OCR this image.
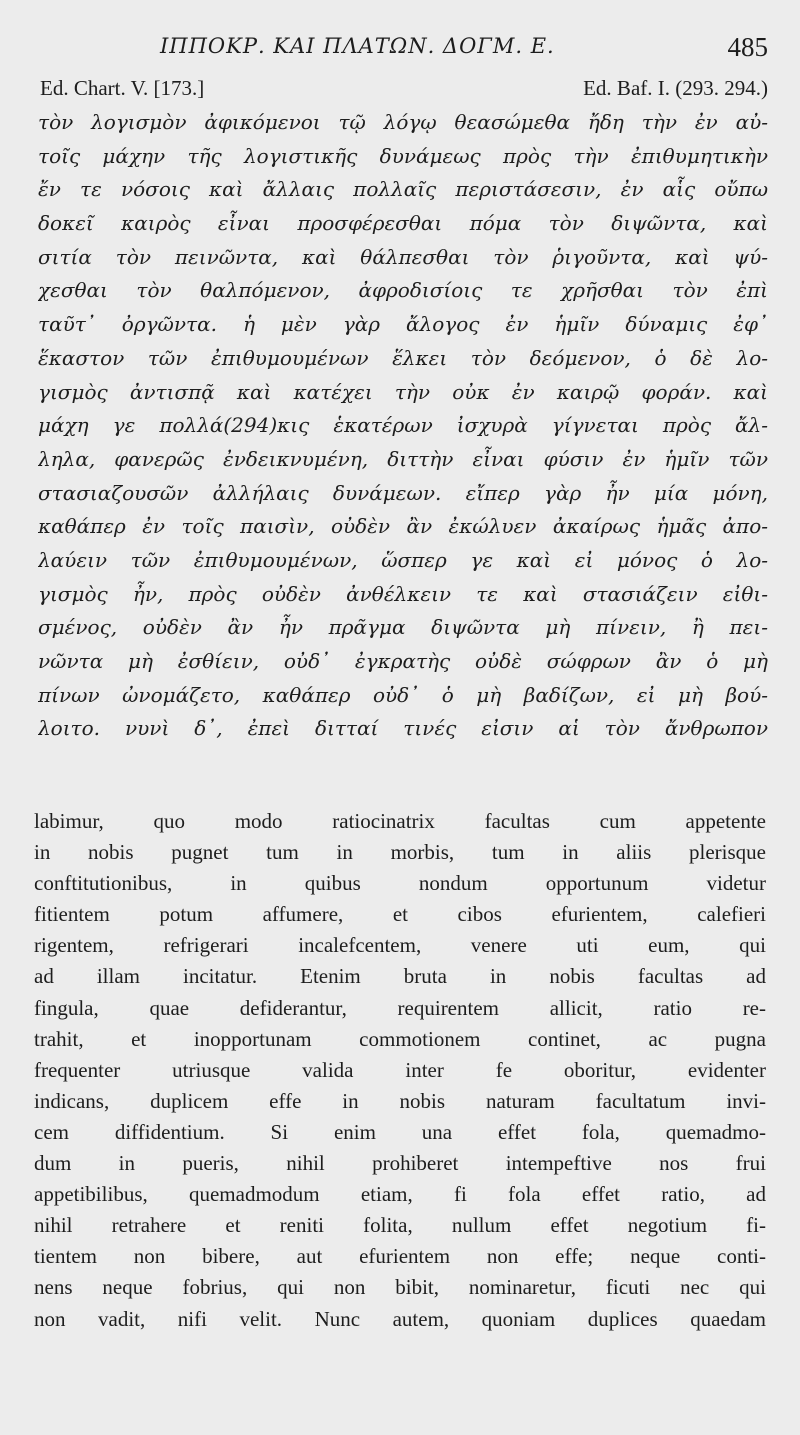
ΙΠΠΟΚΡ. ΚΑΙ ΠΛΑΤΩΝ. ΔΟΓΜ. Ε.	485
Ed. Chart. V. [173.]	Ed. Baf. I. (293. 294.)
τὸν λογισμὸν ἀφικόμενοι τῷ λόγῳ θεασώμεθα ἤδη τὴν ἐν αὐ-
τοῖς μάχην τῆς λογιστικῆς δυνάμεως πρὸς τὴν ἐπιθυμητικὴν
ἔν τε νόσοις καὶ ἄλλαις πολλαῖς περιστάσεσιν, ἐν αἷς οὔπω
δοκεῖ καιρὸς εἶναι προσφέρεσθαι πόμα τὸν διψῶντα, καὶ
σιτία τὸν πεινῶντα, καὶ θάλπεσθαι τὸν ῥιγοῦντα, καὶ ψύ-
χεσθαι τὸν θαλπόμενον, ἀφροδισίοις τε χρῆσθαι τὸν ἐπὶ
ταῦτ᾽ ὀργῶντα. ἡ μὲν γὰρ ἄλογος ἐν ἡμῖν δύναμις ἐφ᾽
ἕκαστον τῶν ἐπιθυμουμένων ἕλκει τὸν δεόμενον, ὁ δὲ λο-
γισμὸς ἀντισπᾷ καὶ κατέχει τὴν οὐκ ἐν καιρῷ φοράν. καὶ
μάχη γε πολλά(294)κις ἑκατέρων ἰσχυρὰ γίγνεται πρὸς ἄλ-
ληλα, φανερῶς ἐνδεικνυμένη, διττὴν εἶναι φύσιν ἐν ἡμῖν τῶν
στασιαζουσῶν ἀλλήλαις δυνάμεων. εἴπερ γὰρ ἦν μία μόνη,
καθάπερ ἐν τοῖς παισὶν, οὐδὲν ἂν ἐκώλυεν ἀκαίρως ἡμᾶς ἀπο-
λαύειν τῶν ἐπιθυμουμένων, ὥσπερ γε καὶ εἰ μόνος ὁ λο-
γισμὸς ἦν, πρὸς οὐδὲν ἀνθέλκειν τε καὶ στασιάζειν εἰθι-
σμένος, οὐδὲν ἂν ἦν πρᾶγμα διψῶντα μὴ πίνειν, ἢ πει-
νῶντα μὴ ἐσθίειν, οὐδ᾽ ἐγκρατὴς οὐδὲ σώφρων ἂν ὁ μὴ
πίνων ὠνομάζετο, καθάπερ οὐδ᾽ ὁ μὴ βαδίζων, εἰ μὴ βού-
λοιτο. νυνὶ δ᾽, ἐπεὶ διτταί τινές εἰσιν αἱ τὸν ἄνθρωπον
labimur, quo modo ratiocinatrix facultas cum appetente
in nobis pugnet tum in morbis, tum in aliis plerisque
conftitutionibus, in quibus nondum opportunum videtur
fitientem potum affumere, et cibos efurientem, calefieri
rigentem, refrigerari incalefcentem, venere uti eum, qui
ad illam incitatur. Etenim bruta in nobis facultas ad
fingula, quae defiderantur, requirentem allicit, ratio re-
trahit, et inopportunam commotionem continet, ac pugna
frequenter utriusque valida inter fe oboritur, evidenter
indicans, duplicem effe in nobis naturam facultatum invi-
cem diffidentium. Si enim una effet fola, quemadmo-
dum in pueris, nihil prohiberet intempeftive nos frui
appetibilibus, quemadmodum etiam, fi fola effet ratio, ad
nihil retrahere et reniti folita, nullum effet negotium fi-
tientem non bibere, aut efurientem non effe; neque conti-
nens neque fobrius, qui non bibit, nominaretur, ficuti nec qui
non vadit, nifi velit. Nunc autem, quoniam duplices quaedam
